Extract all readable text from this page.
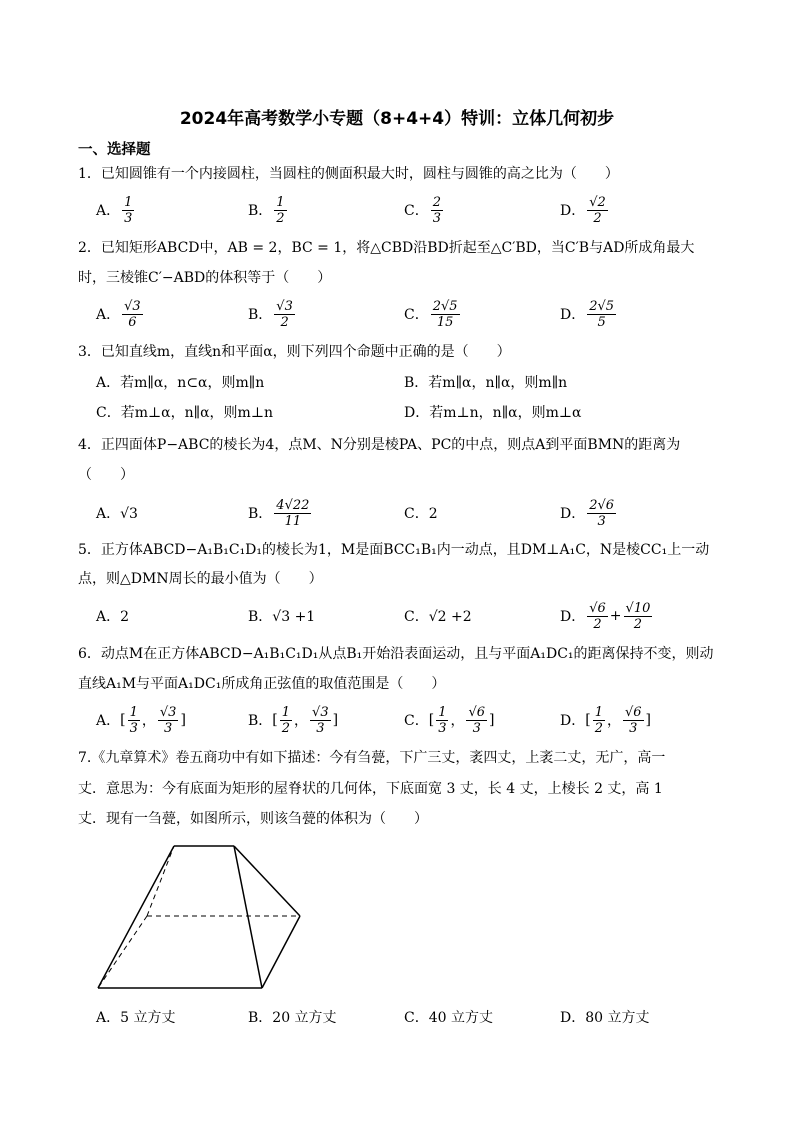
2024年高考数学小专题（8+4+4）特训：立体几何初步
一、选择题
1．已知圆锥有一个内接圆柱，当圆柱的侧面积最大时，圆柱与圆锥的高之比为（　　）
A． $\frac{1}{3}$	B． $\frac{1}{2}$	C． $\frac{2}{3}$	D． $\frac{√2}{2}$
2．已知矩形ABCD中，AB = 2，BC = 1，将△CBD沿BD折起至△C′BD，当C′B与AD所成角最大
时，三棱锥C′−ABD的体积等于（　　）
A． $\frac{√3}{6}$	B． $\frac{√3}{2}$	C． $\frac{2√5}{15}$	D． $\frac{2√5}{5}$
3．已知直线m，直线n和平面α，则下列四个命题中正确的是（　　）
A．若m∥α，n⊂α，则m∥n	B．若m∥α，n∥α，则m∥n
C．若m⊥α，n∥α，则m⊥n	D．若m⊥n，n∥α，则m⊥α
4．正四面体P−ABC的棱长为4，点M、N分别是棱PA、PC的中点，则点A到平面BMN的距离为
（　　）
A．√3	B． $\frac{4√22}{11}$	C．2	D． $\frac{2√6}{3}$
5．正方体ABCD−A₁B₁C₁D₁的棱长为1，M是面BCC₁B₁内一动点，且DM⊥A₁C，N是棱CC₁上一动
点，则△DMN周长的最小值为（　　）
A．2	B．√3 +1	C．√2 +2	D． $\frac{√6}{2} + \frac{√10}{2}$
6．动点M在正方体ABCD−A₁B₁C₁D₁从点B₁开始沿表面运动，且与平面A₁DC₁的距离保持不变，则动
直线A₁M与平面A₁DC₁所成角正弦值的取值范围是（　　）
A． [ $\frac{1}{3}$ ， $\frac{√3}{3}$ ]	B． [ $\frac{1}{2}$ ， $\frac{√3}{3}$ ]	C． [ $\frac{1}{3}$ ， $\frac{√6}{3}$ ]	D． [ $\frac{1}{2}$ ， $\frac{√6}{3}$ ]
7.《九章算术》卷五商功中有如下描述：今有刍甍，下广三丈，袤四丈，上袤二丈，无广，高一
丈．意思为：今有底面为矩形的屋脊状的几何体，下底面宽 3 丈，长 4 丈，上棱长 2 丈，高 1
丈．现有一刍甍，如图所示，则该刍甍的体积为（　　）
A．5 立方丈	B．20 立方丈	C．40 立方丈	D．80 立方丈
